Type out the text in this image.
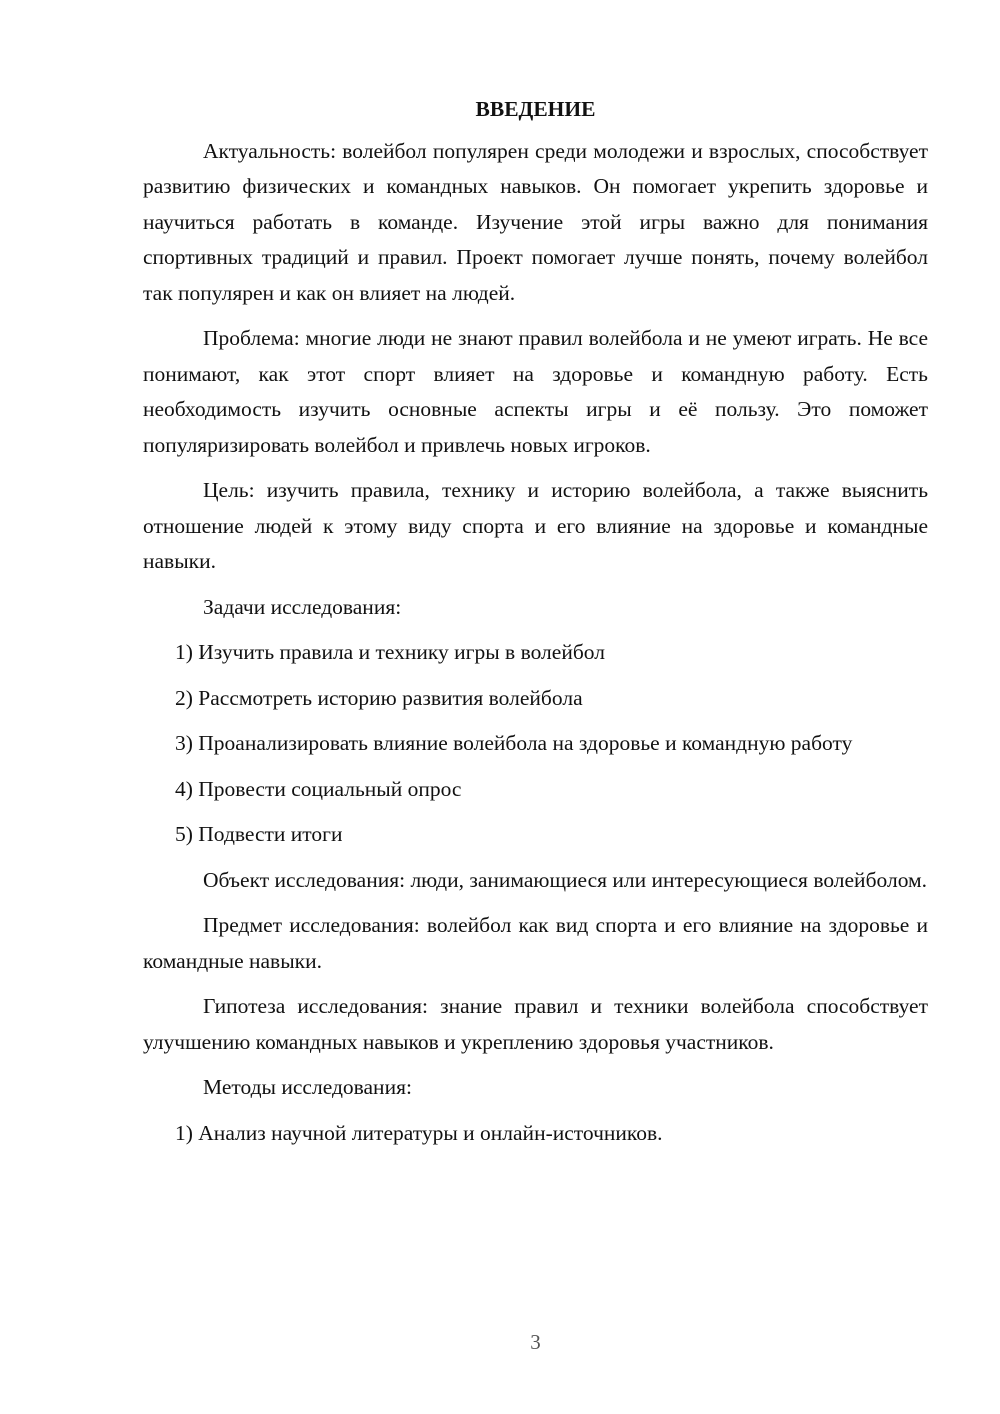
ВВЕДЕНИЕ

Актуальность: волейбол популярен среди молодежи и взрослых, способствует развитию физических и командных навыков. Он помогает укрепить здоровье и научиться работать в команде. Изучение этой игры важно для понимания спортивных традиций и правил. Проект помогает лучше понять, почему волейбол так популярен и как он влияет на людей.

Проблема: многие люди не знают правил волейбола и не умеют играть. Не все понимают, как этот спорт влияет на здоровье и командную работу. Есть необходимость изучить основные аспекты игры и её пользу. Это поможет популяризировать волейбол и привлечь новых игроков.

Цель: изучить правила, технику и историю волейбола, а также выяснить отношение людей к этому виду спорта и его влияние на здоровье и командные навыки.

Задачи исследования:

1) Изучить правила и технику игры в волейбол

2) Рассмотреть историю развития волейбола

3) Проанализировать влияние волейбола на здоровье и командную работу

4) Провести социальный опрос

5) Подвести итоги

Объект исследования: люди, занимающиеся или интересующиеся волейболом.

Предмет исследования: волейбол как вид спорта и его влияние на здоровье и командные навыки.

Гипотеза исследования: знание правил и техники волейбола способствует улучшению командных навыков и укреплению здоровья участников.

Методы исследования:

1) Анализ научной литературы и онлайн-источников.

3
